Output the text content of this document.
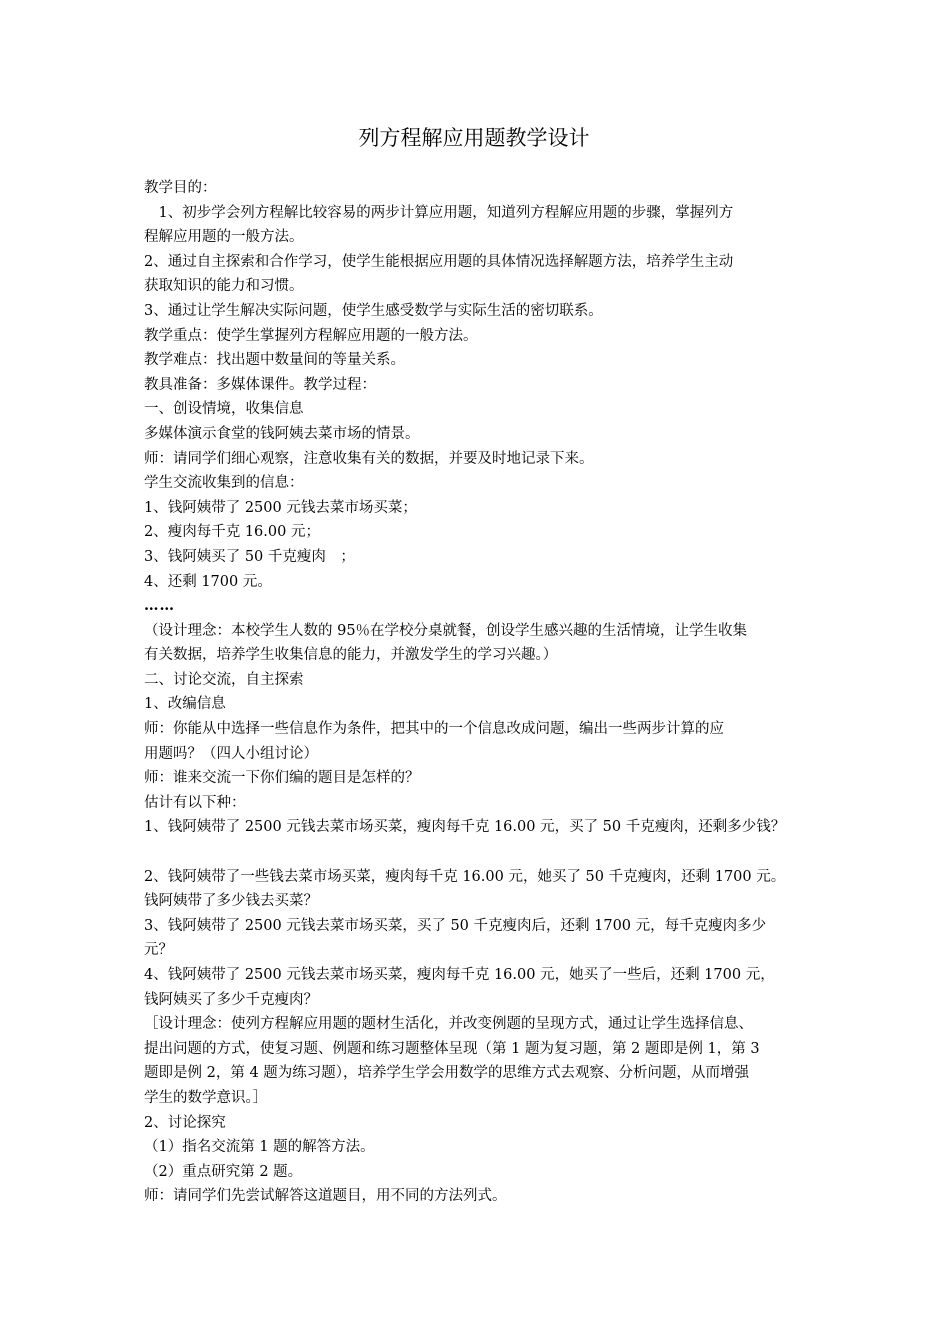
列方程解应用题教学设计
教学目的：
　1、初步学会列方程解比较容易的两步计算应用题，知道列方程解应用题的步骤，掌握列方
程解应用题的一般方法。
2、通过自主探索和合作学习，使学生能根据应用题的具体情况选择解题方法，培养学生主动
获取知识的能力和习惯。
3、通过让学生解决实际问题，使学生感受数学与实际生活的密切联系。
教学重点：使学生掌握列方程解应用题的一般方法。
教学难点：找出题中数量间的等量关系。
教具准备：多媒体课件。教学过程：
一、创设情境，收集信息
多媒体演示食堂的钱阿姨去菜市场的情景。
师：请同学们细心观察，注意收集有关的数据，并要及时地记录下来。
学生交流收集到的信息：
1、钱阿姨带了 2500 元钱去菜市场买菜；
2、瘦肉每千克 16.00 元；
3、钱阿姨买了 50 千克瘦肉　；
4、还剩 1700 元。
……
（设计理念：本校学生人数的 95％在学校分桌就餐，创设学生感兴趣的生活情境，让学生收集
有关数据，培养学生收集信息的能力，并激发学生的学习兴趣。）
二、讨论交流，自主探索
1、改编信息
师：你能从中选择一些信息作为条件，把其中的一个信息改成问题，编出一些两步计算的应
用题吗？（四人小组讨论）
师：谁来交流一下你们编的题目是怎样的？
估计有以下种：
1、钱阿姨带了 2500 元钱去菜市场买菜，瘦肉每千克 16.00 元，买了 50 千克瘦肉，还剩多少钱？
2、钱阿姨带了一些钱去菜市场买菜，瘦肉每千克 16.00 元，她买了 50 千克瘦肉，还剩 1700 元。
钱阿姨带了多少钱去买菜？
3、钱阿姨带了 2500 元钱去菜市场买菜，买了 50 千克瘦肉后，还剩 1700 元，每千克瘦肉多少
元？
4、钱阿姨带了 2500 元钱去菜市场买菜，瘦肉每千克 16.00 元，她买了一些后，还剩 1700 元，
钱阿姨买了多少千克瘦肉？
［设计理念：使列方程解应用题的题材生活化，并改变例题的呈现方式，通过让学生选择信息、
提出问题的方式，使复习题、例题和练习题整体呈现（第 1 题为复习题，第 2 题即是例 1，第 3
题即是例 2，第 4 题为练习题），培养学生学会用数学的思维方式去观察、分析问题，从而增强
学生的数学意识。］
2、讨论探究
（1）指名交流第 1 题的解答方法。
（2）重点研究第 2 题。
师：请同学们先尝试解答这道题目，用不同的方法列式。
